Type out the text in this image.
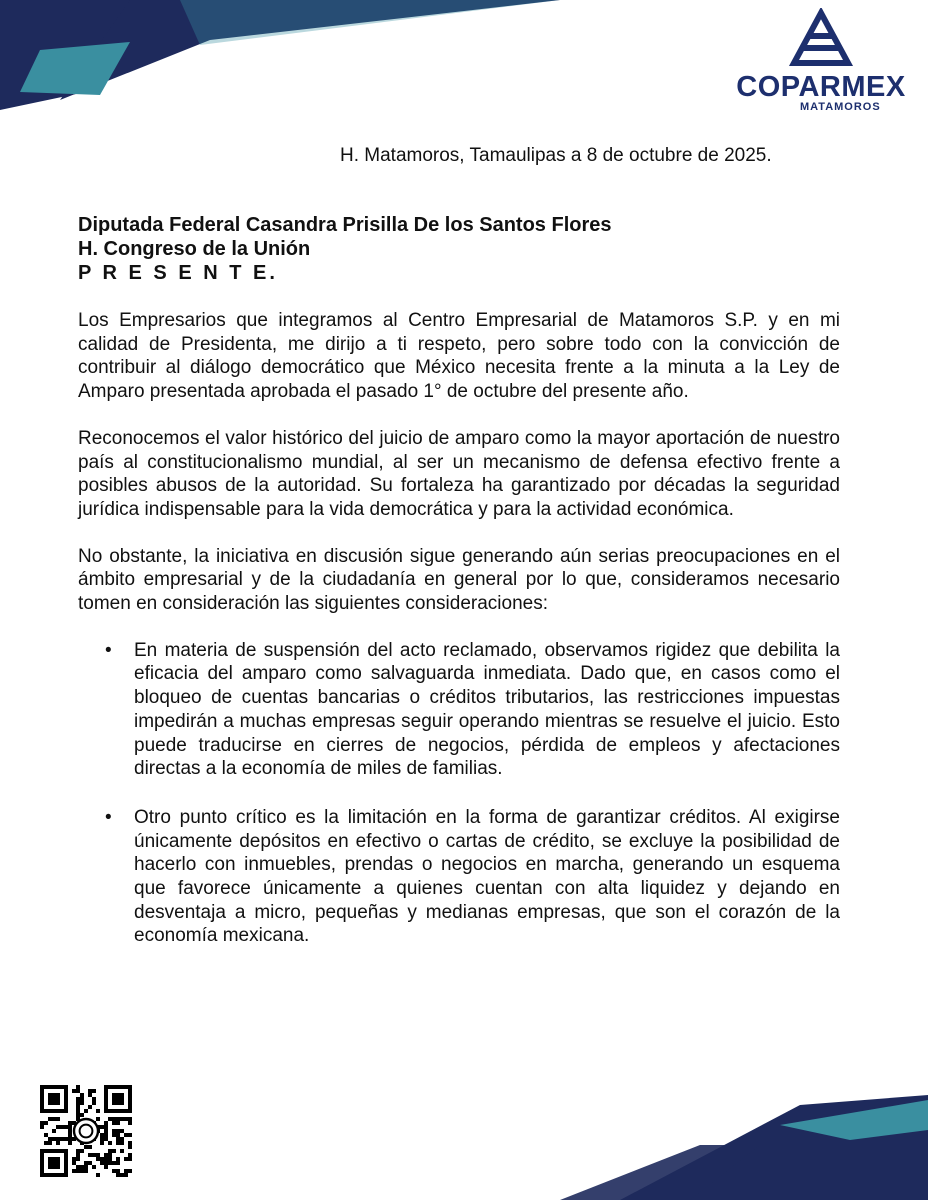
COPARMEX
MATAMOROS
H. Matamoros, Tamaulipas a 8 de octubre de 2025.
Diputada Federal Casandra Prisilla De los Santos Flores
H. Congreso de la Unión
P R E S E N T E.

Los Empresarios que integramos al Centro Empresarial de Matamoros S.P. y en mi calidad de Presidenta, me dirijo a ti respeto, pero sobre todo con la convicción de contribuir al diálogo democrático que México necesita frente a la minuta a la Ley de Amparo presentada aprobada el pasado 1° de octubre del presente año.

Reconocemos el valor histórico del juicio de amparo como la mayor aportación de nuestro país al constitucionalismo mundial, al ser un mecanismo de defensa efectivo frente a posibles abusos de la autoridad. Su fortaleza ha garantizado por décadas la seguridad jurídica indispensable para la vida democrática y para la actividad económica.

No obstante, la iniciativa en discusión sigue generando aún serias preocupaciones en el ámbito empresarial y de la ciudadanía en general por lo que, consideramos necesario tomen en consideración las siguientes consideraciones:

• En materia de suspensión del acto reclamado, observamos rigidez que debilita la eficacia del amparo como salvaguarda inmediata. Dado que, en casos como el bloqueo de cuentas bancarias o créditos tributarios, las restricciones impuestas impedirán a muchas empresas seguir operando mientras se resuelve el juicio. Esto puede traducirse en cierres de negocios, pérdida de empleos y afectaciones directas a la economía de miles de familias.
• Otro punto crítico es la limitación en la forma de garantizar créditos. Al exigirse únicamente depósitos en efectivo o cartas de crédito, se excluye la posibilidad de hacerlo con inmuebles, prendas o negocios en marcha, generando un esquema que favorece únicamente a quienes cuentan con alta liquidez y dejando en desventaja a micro, pequeñas y medianas empresas, que son el corazón de la economía mexicana.
